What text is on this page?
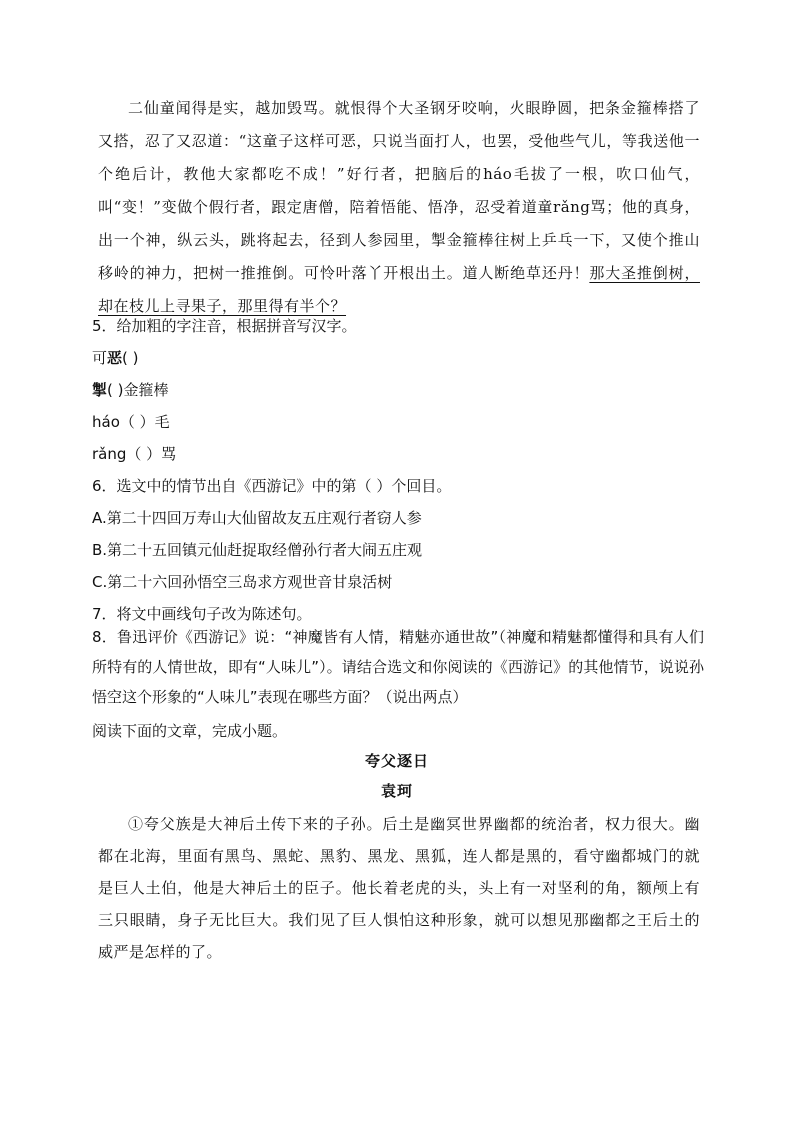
二仙童闻得是实，越加毁骂。就恨得个大圣钢牙咬响，火眼睁圆，把条金箍棒搭了又搭，忍了又忍道：“这童子这样可恶，只说当面打人，也罢，受他些气儿，等我送他一个绝后计，教他大家都吃不成！”好行者，把脑后的háo毛拔了一根，吹口仙气，叫“变！”变做个假行者，跟定唐僧，陪着悟能、悟净，忍受着道童rǎng骂；他的真身，出一个神，纵云头，跳将起去，径到人参园里，掣金箍棒往树上乒乓一下，又使个推山移岭的神力，把树一推推倒。可怜叶落丫开根出土。道人断绝草还丹！那大圣推倒树，却在枝儿上寻果子，那里得有半个？

5．给加粗的字注音，根据拼音写汉字。
可恶( )
掣( )金箍棒
háo（ ）毛
rǎng（ ）骂
6．选文中的情节出自《西游记》中的第（ ）个回目。
A.第二十四回万寿山大仙留故友五庄观行者窃人参
B.第二十五回镇元仙赶捉取经僧孙行者大闹五庄观
C.第二十六回孙悟空三岛求方观世音甘泉活树
7．将文中画线句子改为陈述句。
8．鲁迅评价《西游记》说：“神魔皆有人情，精魅亦通世故”（神魔和精魅都懂得和具有人们所特有的人情世故，即有“人味儿”）。请结合选文和你阅读的《西游记》的其他情节，说说孙悟空这个形象的“人味儿”表现在哪些方面？（说出两点）
阅读下面的文章，完成小题。
夸父逐日
袁珂
①夸父族是大神后土传下来的子孙。后土是幽冥世界幽都的统治者，权力很大。幽都在北海，里面有黑鸟、黑蛇、黑豹、黑龙、黑狐，连人都是黑的，看守幽都城门的就是巨人土伯，他是大神后土的臣子。他长着老虎的头，头上有一对坚利的角，额颅上有三只眼睛，身子无比巨大。我们见了巨人惧怕这种形象，就可以想见那幽都之王后土的威严是怎样的了。
